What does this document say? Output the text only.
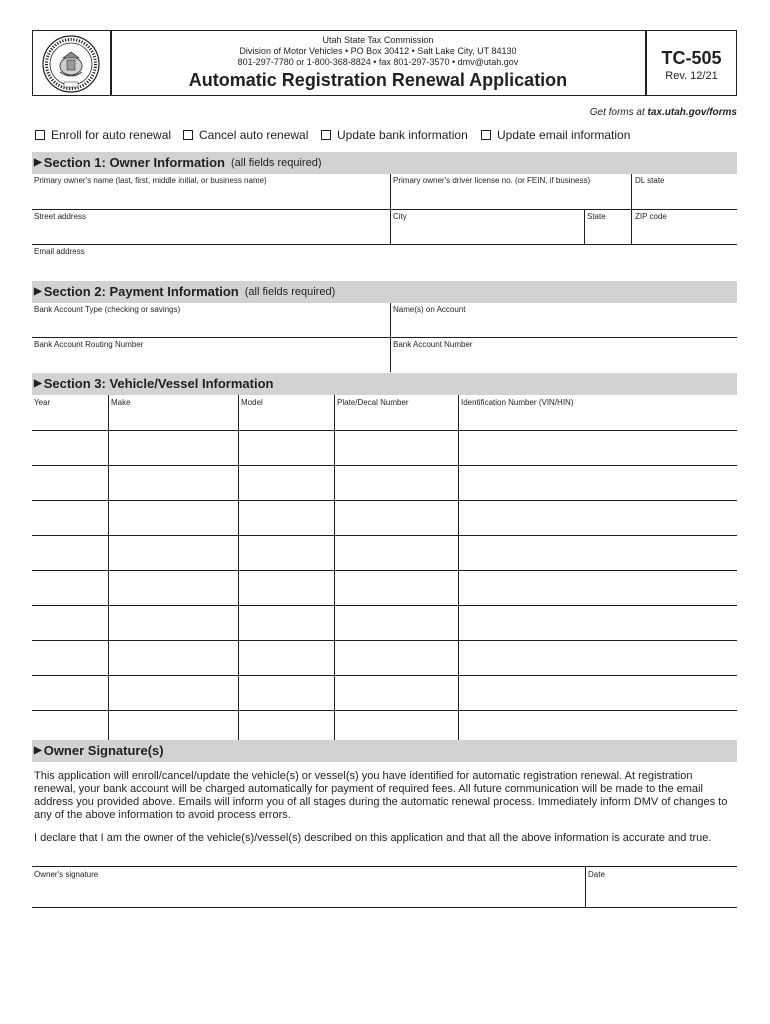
Utah State Tax Commission
Division of Motor Vehicles • PO Box 30412 • Salt Lake City, UT 84130
801-297-7780 or 1-800-368-8824 • fax 801-297-3570 • dmv@utah.gov
Automatic Registration Renewal Application
TC-505
Rev. 12/21
Get forms at tax.utah.gov/forms
Enroll for auto renewal Cancel auto renewal Update bank information Update email information
▶ Section 1: Owner Information (all fields required)
Primary owner's name (last, first, middle initial, or business name)	Primary owner's driver license no. (or FEIN, if business)	DL state
Street address	City	State	ZIP code
Email address
▶ Section 2: Payment Information (all fields required)
Bank Account Type (checking or savings)	Name(s) on Account
Bank Account Routing Number	Bank Account Number
▶ Section 3: Vehicle/Vessel Information
Year	Make	Model	Plate/Decal Number	Identification Number (VIN/HIN)
▶ Owner Signature(s)
This application will enroll/cancel/update the vehicle(s) or vessel(s) you have identified for automatic registration renewal. At registration renewal, your bank account will be charged automatically for payment of required fees. All future communication will be made to the email address you provided above. Emails will inform you of all stages during the automatic renewal process. Immediately inform DMV of changes to any of the above information to avoid process errors.
I declare that I am the owner of the vehicle(s)/vessel(s) described on this application and that all the above information is accurate and true.
Owner's signature	Date
